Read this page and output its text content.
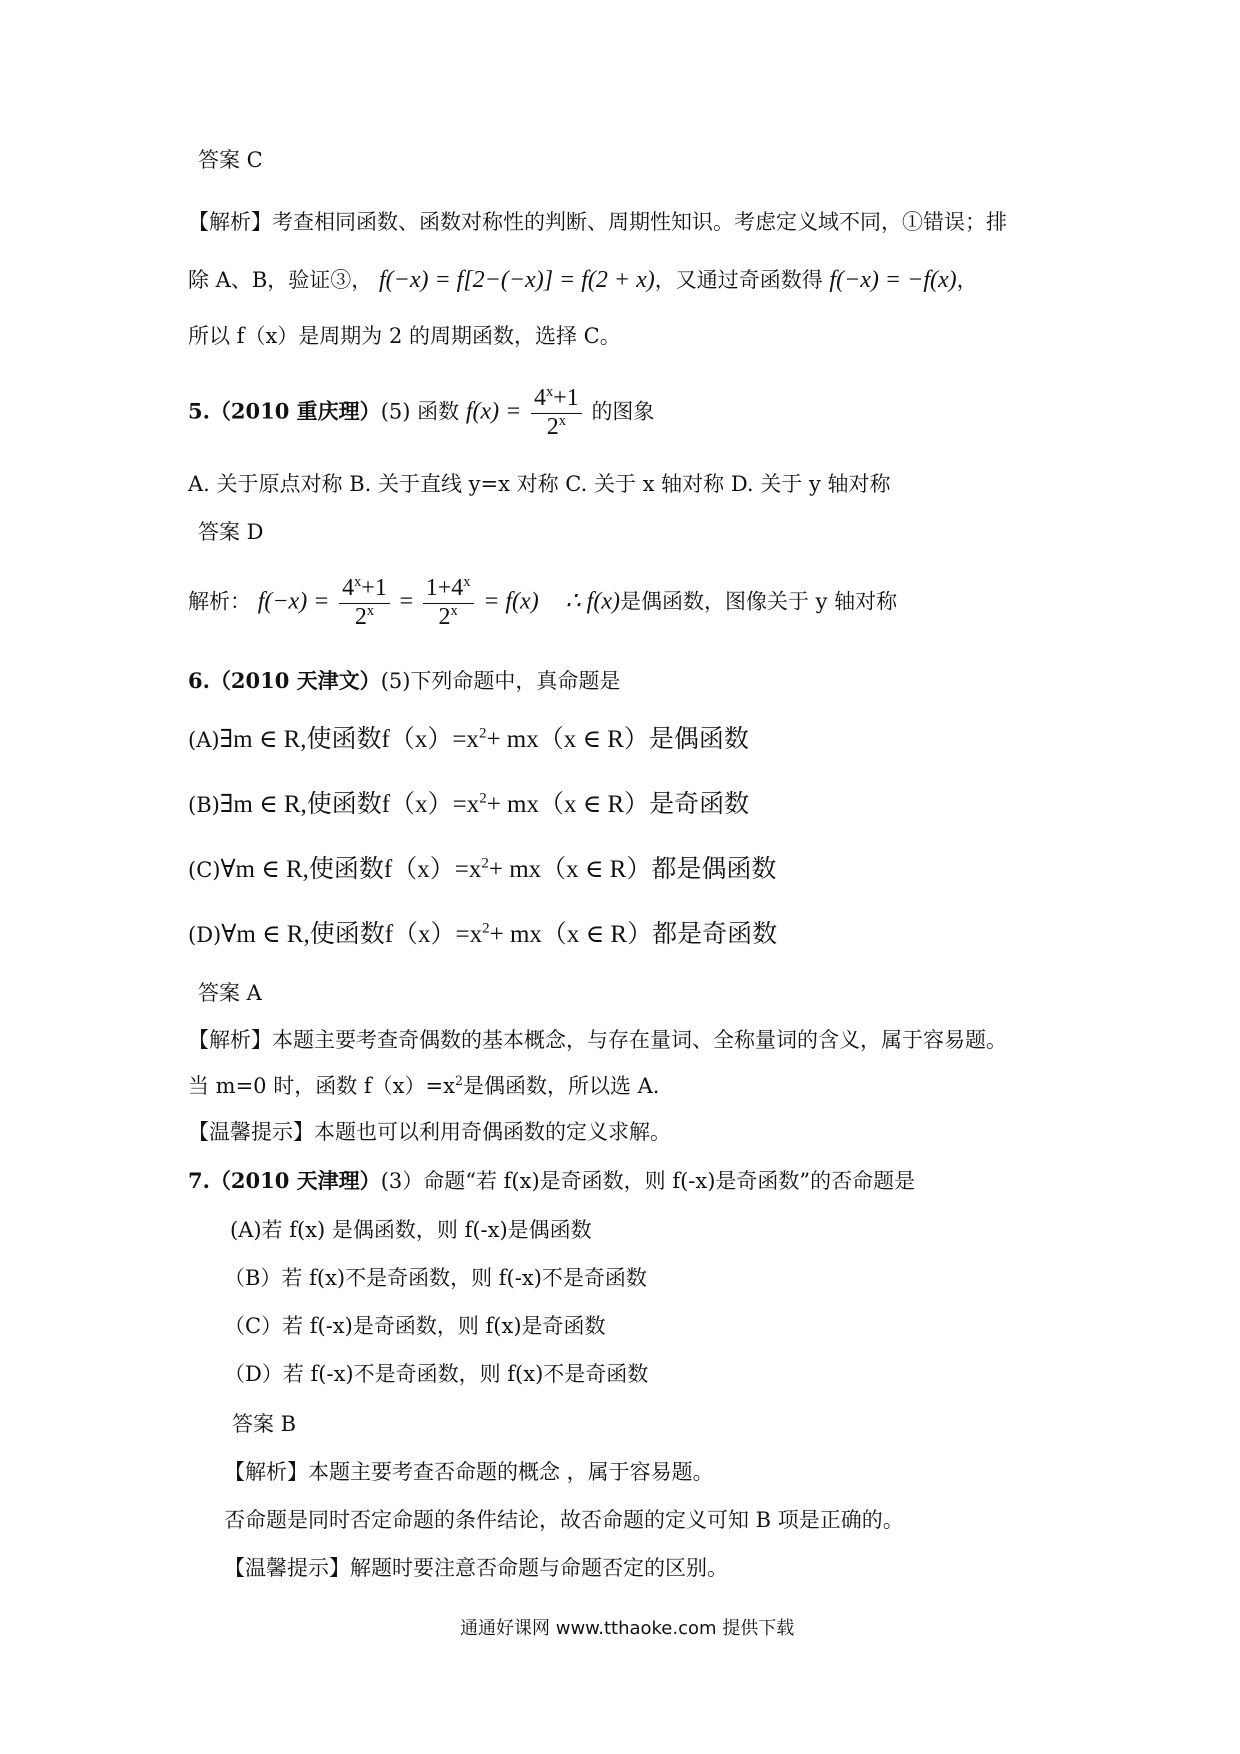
答案 C
【解析】考查相同函数、函数对称性的判断、周期性知识。考虑定义域不同，①错误；排
除 A、B，验证③， f(−x) = f[2−(−x)] = f(2 + x)，又通过奇函数得 f(−x) = −f(x)，
所以 f（x）是周期为 2 的周期函数，选择 C。
5.（2010 重庆理）(5) 函数 $f(x) = \frac{4^x+1}{2^x}$ 的图象
A. 关于原点对称 B. 关于直线 y=x 对称 C. 关于 x 轴对称 D. 关于 y 轴对称
答案 D
解析： $f(-x) = \frac{4^x+1}{2^x} = \frac{1+4^x}{2^x} = f(x)$ ∴ f(x)是偶函数，图像关于 y 轴对称
6.（2010 天津文）(5)下列命题中，真命题是
(A)∃m ∈ R,使函数$f(x)=x^2+ mx(x$ ∈ R）是偶函数
(B)∃m ∈ R,使函数$f(x)=x^2+ mx(x$ ∈ R）是奇函数
(C)∀m ∈ R,使函数$f(x)=x^2+ mx(x$ ∈ R）都是偶函数
(D)∀m ∈ R,使函数$f(x)=x^2+ mx(x$ ∈ R）都是奇函数
答案 A
【解析】本题主要考查奇偶数的基本概念，与存在量词、全称量词的含义，属于容易题。
当 m=0 时，函数 $f(x)=x^2$是偶函数，所以选 A.
【温馨提示】本题也可以利用奇偶函数的定义求解。
7.（2010 天津理）(3）命题“若 f(x)是奇函数，则 f(-x)是奇函数”的否命题是
(A)若 f(x) 是偶函数，则 f(-x)是偶函数
（B）若 f(x)不是奇函数，则 f(-x)不是奇函数
（C）若 f(-x)是奇函数，则 f(x)是奇函数
（D）若 f(-x)不是奇函数，则 f(x)不是奇函数
答案 B
【解析】本题主要考查否命题的概念 ，属于容易题。
否命题是同时否定命题的条件结论，故否命题的定义可知 B 项是正确的。
【温馨提示】解题时要注意否命题与命题否定的区别。
通通好课网 www.tthaoke.com 提供下载
